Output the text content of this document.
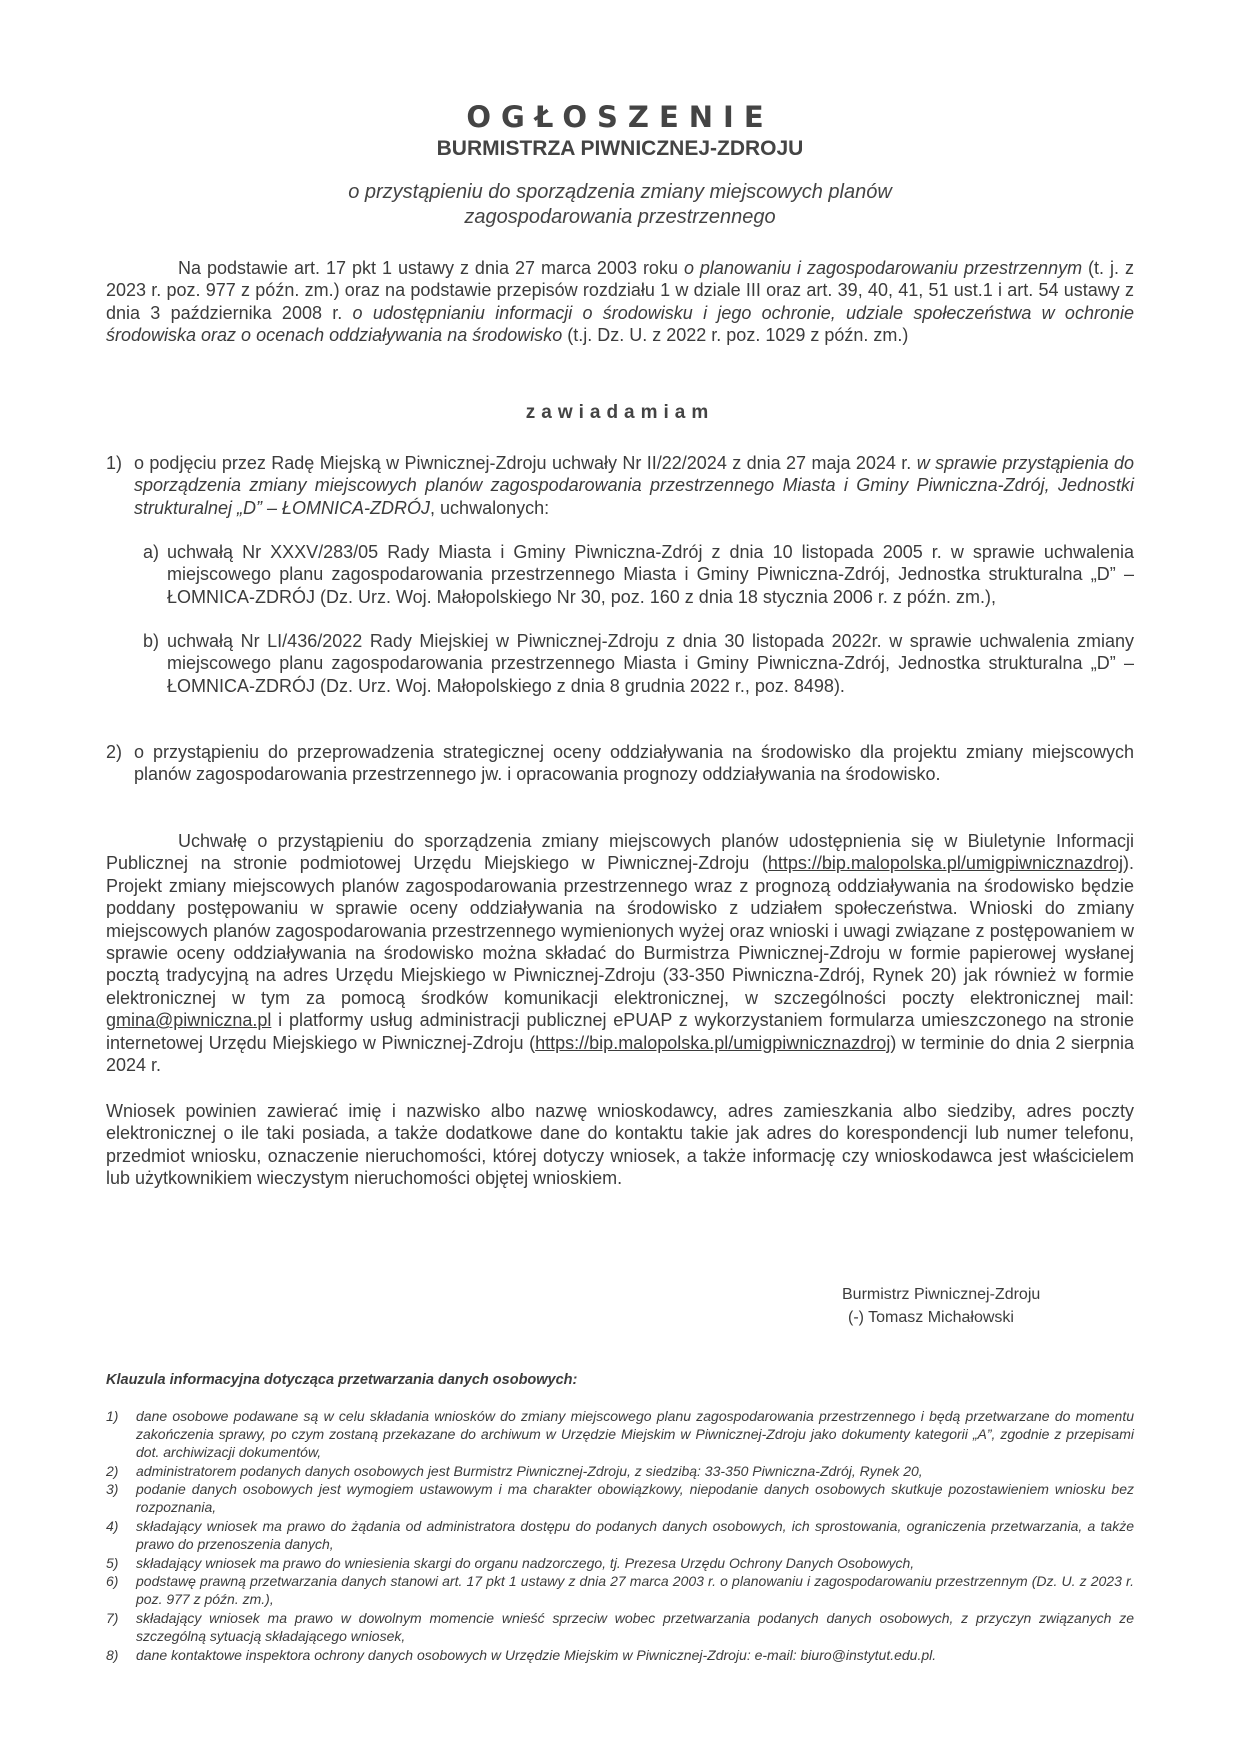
OGŁOSZENIE
BURMISTRZA PIWNICZNEJ-ZDROJU
o przystąpieniu do sporządzenia zmiany miejscowych planów
zagospodarowania przestrzennego
Na podstawie art. 17 pkt 1 ustawy z dnia 27 marca 2003 roku o planowaniu i zagospodarowaniu przestrzennym (t. j. z 2023 r. poz. 977 z późn. zm.) oraz na podstawie przepisów rozdziału 1 w dziale III oraz art. 39, 40, 41, 51 ust.1 i art. 54 ustawy z dnia 3 października 2008 r. o udostępnianiu informacji o środowisku i jego ochronie, udziale społeczeństwa w ochronie środowiska oraz o ocenach oddziaływania na środowisko (t.j. Dz. U. z 2022 r. poz. 1029 z późn. zm.)
zawiadamiam
1) o podjęciu przez Radę Miejską w Piwnicznej-Zdroju uchwały Nr II/22/2024 z dnia 27 maja 2024 r. w sprawie przystąpienia do sporządzenia zmiany miejscowych planów zagospodarowania przestrzennego Miasta i Gminy Piwniczna-Zdrój, Jednostki strukturalnej „D” – ŁOMNICA-ZDRÓJ, uchwalonych:
a) uchwałą Nr XXXV/283/05 Rady Miasta i Gminy Piwniczna-Zdrój z dnia 10 listopada 2005 r. w sprawie uchwalenia miejscowego planu zagospodarowania przestrzennego Miasta i Gminy Piwniczna-Zdrój, Jednostka strukturalna „D” – ŁOMNICA-ZDRÓJ (Dz. Urz. Woj. Małopolskiego Nr 30, poz. 160 z dnia 18 stycznia 2006 r. z późn. zm.),
b) uchwałą Nr LI/436/2022 Rady Miejskiej w Piwnicznej-Zdroju z dnia 30 listopada 2022r. w sprawie uchwalenia zmiany miejscowego planu zagospodarowania przestrzennego Miasta i Gminy Piwniczna-Zdrój, Jednostka strukturalna „D” – ŁOMNICA-ZDRÓJ (Dz. Urz. Woj. Małopolskiego z dnia 8 grudnia 2022 r., poz. 8498).
2) o przystąpieniu do przeprowadzenia strategicznej oceny oddziaływania na środowisko dla projektu zmiany miejscowych planów zagospodarowania przestrzennego jw. i opracowania prognozy oddziaływania na środowisko.
Uchwałę o przystąpieniu do sporządzenia zmiany miejscowych planów udostępnienia się w Biuletynie Informacji Publicznej na stronie podmiotowej Urzędu Miejskiego w Piwnicznej-Zdroju (https://bip.malopolska.pl/umigpiwnicznazdroj). Projekt zmiany miejscowych planów zagospodarowania przestrzennego wraz z prognozą oddziaływania na środowisko będzie poddany postępowaniu w sprawie oceny oddziaływania na środowisko z udziałem społeczeństwa. Wnioski do zmiany miejscowych planów zagospodarowania przestrzennego wymienionych wyżej oraz wnioski i uwagi związane z postępowaniem w sprawie oceny oddziaływania na środowisko można składać do Burmistrza Piwnicznej-Zdroju w formie papierowej wysłanej pocztą tradycyjną na adres Urzędu Miejskiego w Piwnicznej-Zdroju (33-350 Piwniczna-Zdrój, Rynek 20) jak również w formie elektronicznej w tym za pomocą środków komunikacji elektronicznej, w szczególności poczty elektronicznej mail: gmina@piwniczna.pl i platformy usług administracji publicznej ePUAP z wykorzystaniem formularza umieszczonego na stronie internetowej Urzędu Miejskiego w Piwnicznej-Zdroju (https://bip.malopolska.pl/umigpiwnicznazdroj) w terminie do dnia 2 sierpnia 2024 r.
Wniosek powinien zawierać imię i nazwisko albo nazwę wnioskodawcy, adres zamieszkania albo siedziby, adres poczty elektronicznej o ile taki posiada, a także dodatkowe dane do kontaktu takie jak adres do korespondencji lub numer telefonu, przedmiot wniosku, oznaczenie nieruchomości, której dotyczy wniosek, a także informację czy wnioskodawca jest właścicielem lub użytkownikiem wieczystym nieruchomości objętej wnioskiem.
Burmistrz Piwnicznej-Zdroju
(-) Tomasz Michałowski
Klauzula informacyjna dotycząca przetwarzania danych osobowych:
1) dane osobowe podawane są w celu składania wniosków do zmiany miejscowego planu zagospodarowania przestrzennego i będą przetwarzane do momentu zakończenia sprawy, po czym zostaną przekazane do archiwum w Urzędzie Miejskim w Piwnicznej-Zdroju jako dokumenty kategorii „A”, zgodnie z przepisami dot. archiwizacji dokumentów,
2) administratorem podanych danych osobowych jest Burmistrz Piwnicznej-Zdroju, z siedzibą: 33-350 Piwniczna-Zdrój, Rynek 20,
3) podanie danych osobowych jest wymogiem ustawowym i ma charakter obowiązkowy, niepodanie danych osobowych skutkuje pozostawieniem wniosku bez rozpoznania,
4) składający wniosek ma prawo do żądania od administratora dostępu do podanych danych osobowych, ich sprostowania, ograniczenia przetwarzania, a także prawo do przenoszenia danych,
5) składający wniosek ma prawo do wniesienia skargi do organu nadzorczego, tj. Prezesa Urzędu Ochrony Danych Osobowych,
6) podstawę prawną przetwarzania danych stanowi art. 17 pkt 1 ustawy z dnia 27 marca 2003 r. o planowaniu i zagospodarowaniu przestrzennym (Dz. U. z 2023 r. poz. 977 z późn. zm.),
7) składający wniosek ma prawo w dowolnym momencie wnieść sprzeciw wobec przetwarzania podanych danych osobowych, z przyczyn związanych ze szczególną sytuacją składającego wniosek,
8) dane kontaktowe inspektora ochrony danych osobowych w Urzędzie Miejskim w Piwnicznej-Zdroju: e-mail: biuro@instytut.edu.pl.
